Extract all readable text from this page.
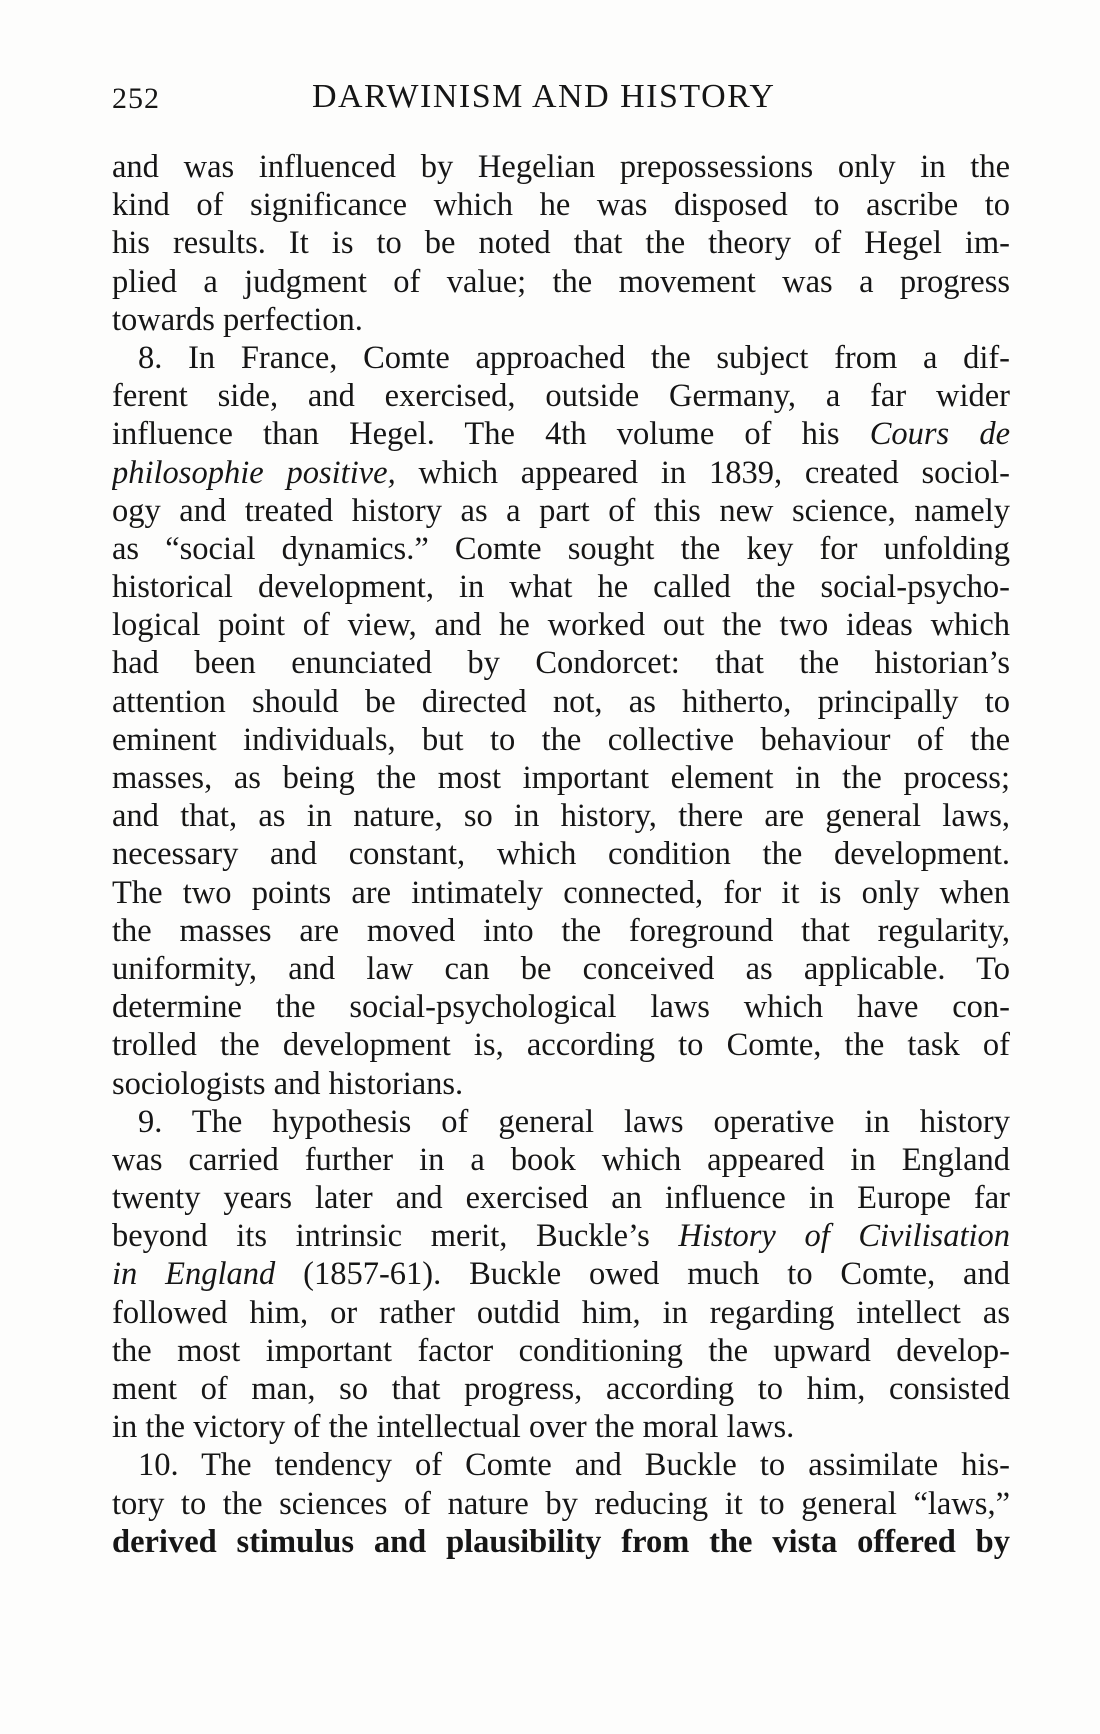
252	DARWINISM AND HISTORY
and was influenced by Hegelian prepossessions only in the
kind of significance which he was disposed to ascribe to
his results. It is to be noted that the theory of Hegel im-
plied a judgment of value; the movement was a progress
towards perfection.
8. In France, Comte approached the subject from a dif-
ferent side, and exercised, outside Germany, a far wider
influence than Hegel. The 4th volume of his Cours de
philosophie positive, which appeared in 1839, created sociol-
ogy and treated history as a part of this new science, namely
as “social dynamics.” Comte sought the key for unfolding
historical development, in what he called the social-psycho-
logical point of view, and he worked out the two ideas which
had been enunciated by Condorcet: that the historian’s
attention should be directed not, as hitherto, principally to
eminent individuals, but to the collective behaviour of the
masses, as being the most important element in the process;
and that, as in nature, so in history, there are general laws,
necessary and constant, which condition the development.
The two points are intimately connected, for it is only when
the masses are moved into the foreground that regularity,
uniformity, and law can be conceived as applicable. To
determine the social-psychological laws which have con-
trolled the development is, according to Comte, the task of
sociologists and historians.
9. The hypothesis of general laws operative in history
was carried further in a book which appeared in England
twenty years later and exercised an influence in Europe far
beyond its intrinsic merit, Buckle’s History of Civilisation
in England (1857-61). Buckle owed much to Comte, and
followed him, or rather outdid him, in regarding intellect as
the most important factor conditioning the upward develop-
ment of man, so that progress, according to him, consisted
in the victory of the intellectual over the moral laws.
10. The tendency of Comte and Buckle to assimilate his-
tory to the sciences of nature by reducing it to general “laws,”
derived stimulus and plausibility from the vista offered by
